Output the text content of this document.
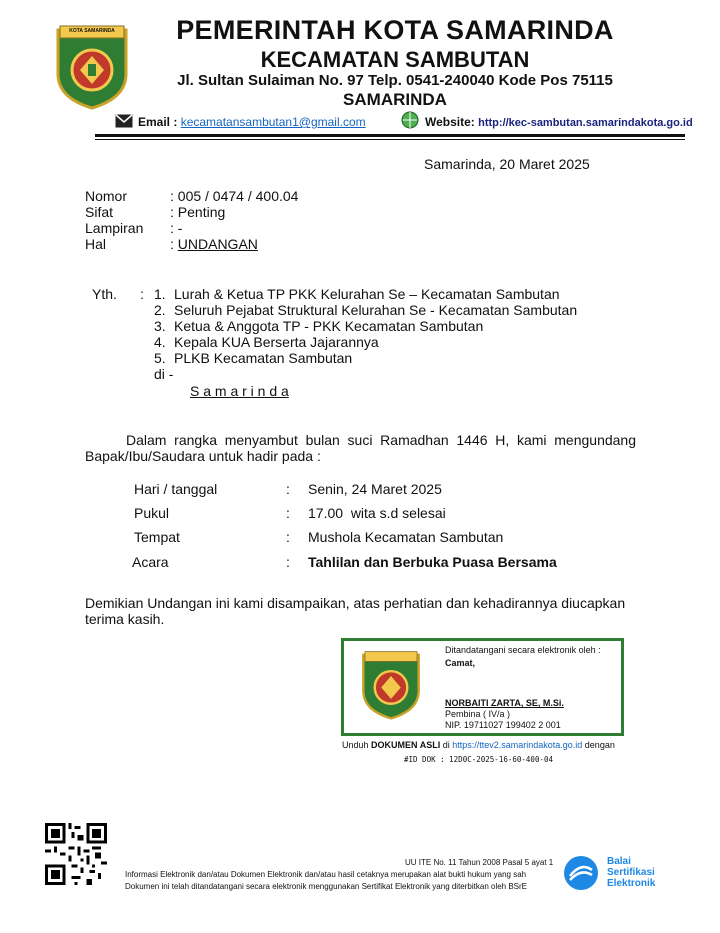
KOTA SAMARINDA	PEMERINTAH KOTA SAMARINDA
KECAMATAN SAMBUTAN
Jl. Sultan Sulaiman No. 97 Telp. 0541-240040 Kode Pos 75115
SAMARINDA
Email : kecamatansambutan1@gmail.com	Website: http://kec-sambutan.samarindakota.go.id
Samarinda, 20 Maret 2025
Nomor	: 005 / 0474 / 400.04
Sifat	: Penting
Lampiran	: -
Hal	: UNDANGAN
Yth. : 1. Lurah & Ketua TP PKK Kelurahan Se – Kecamatan Sambutan
2. Seluruh Pejabat Struktural Kelurahan Se - Kecamatan Sambutan
3. Ketua & Anggota TP - PKK Kecamatan Sambutan
4. Kepala KUA Berserta Jajarannya
5. PLKB Kecamatan Sambutan
di -
S a m a r i n d a
Dalam rangka menyambut bulan suci Ramadhan 1446 H, kami mengundang
Bapak/Ibu/Saudara untuk hadir pada :
Hari / tanggal	:	Senin, 24 Maret 2025
Pukul	:	17.00  wita s.d selesai
Tempat	:	Mushola Kecamatan Sambutan
Acara	:	Tahlilan dan Berbuka Puasa Bersama
Demikian Undangan ini kami disampaikan, atas perhatian dan kehadirannya diucapkan
terima kasih.
Ditandatangani secara elektronik oleh :
Camat,
NORBAITI ZARTA, SE, M.Si.
Pembina ( IV/a )
NIP. 19711027 199402 2 001
Unduh DOKUMEN ASLI di https://ttev2.samarindakota.go.id dengan
#ID DOK : 12D0C-2025-16-60-400-04
UU ITE No. 11 Tahun 2008 Pasal 5 ayat 1
Informasi Elektronik dan/atau Dokumen Elektronik dan/atau hasil cetaknya merupakan alat bukti hukum yang sah
Dokumen ini telah ditandatangani secara elektronik menggunakan Sertifikat Elektronik yang diterbitkan oleh BSrE
Balai
Sertifikasi
Elektronik
